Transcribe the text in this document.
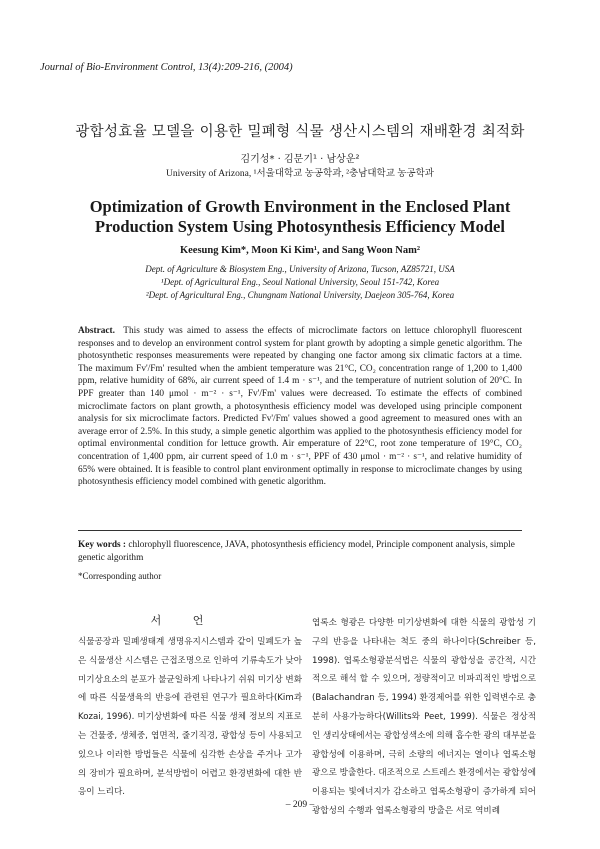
Journal of Bio-Environment Control, 13(4):209-216, (2004)
광합성효율 모델을 이용한 밀폐형 식물 생산시스템의 재배환경 최적화
김기성* · 김문기¹ · 남상운²
University of Arizona, ¹서울대학교 농공학과, ²충남대학교 농공학과
Optimization of Growth Environment in the Enclosed Plant
Production System Using Photosynthesis Efficiency Model
Keesung Kim*, Moon Ki Kim¹, and Sang Woon Nam²
Dept. of Agriculture & Biosystem Eng., University of Arizona, Tucson, AZ85721, USA
¹Dept. of Agricultural Eng., Seoul National University, Seoul 151-742, Korea
²Dept. of Agricultural Eng., Chungnam National University, Daejeon 305-764, Korea
Abstract. This study was aimed to assess the effects of microclimate factors on lettuce chlorophyll fluorescent responses and to develop an environment control system for plant growth by adopting a simple genetic algorithm. The photosynthetic responses measurements were repeated by changing one factor among six climatic factors at a time. The maximum Fv'/Fm' resulted when the ambient temperature was 21°C, CO₂ concentration range of 1,200 to 1,400 ppm, relative humidity of 68%, air current speed of 1.4 m · s⁻¹, and the temperature of nutrient solution of 20°C. In PPF greater than 140 μmol · m⁻² · s⁻¹, Fv'/Fm' values were decreased. To estimate the effects of combined microclimate factors on plant growth, a photosynthesis efficiency model was developed using principle component analysis for six microclimate factors. Predicted Fv'/Fm' values showed a good agreement to measured ones with an average error of 2.5%. In this study, a simple genetic algorthim was applied to the photosynthesis efficiency model for optimal environmental condition for lettuce growth. Air emperature of 22°C, root zone temperature of 19°C, CO₂ concentration of 1,400 ppm, air current speed of 1.0 m · s⁻¹, PPF of 430 μmol · m⁻² · s⁻¹, and relative humidity of 65% were obtained. It is feasible to control plant environment optimally in response to microclimate changes by using photosynthesis efficiency model combined with genetic algorithm.
Key words : chlorophyll fluorescence, JAVA, photosynthesis efficiency model, Principle component analysis, simple genetic algorithm
*Corresponding author
서 언
식물공장과 밀폐생태계 생명유지시스템과 같이 밀폐도가 높은 식물생산 시스템은 근접조명으로 인하여 기류속도가 낮아 미기상요소의 분포가 불균일하게 나타나기 쉬워 미기상 변화에 따른 식물생육의 반응에 관련된 연구가 필요하다(Kim과 Kozai, 1996). 미기상변화에 따른 식물 생체 정보의 지표로는 건물중, 생체중, 엽면적, 줄기직경, 광합성 등이 사용되고 있으나 이러한 방법들은 식물에 심각한 손상을 주거나 고가의 장비가 필요하며, 분석방법이 어렵고 환경변화에 대한 반응이 느리다.
엽록소 형광은 다양한 미기상변화에 대한 식물의 광합성 기구의 반응을 나타내는 척도 중의 하나이다(Schreiber 등, 1998). 엽록소형광분석법은 식물의 광합성을 공간적, 시간적으로 해석 할 수 있으며, 정량적이고 비파괴적인 방법으로(Balachandran 등, 1994) 환경제어를 위한 입력변수로 충분히 사용가능하다(Willits와 Peet, 1999). 식물은 정상적인 생리상태에서는 광합성색소에 의해 흡수한 광의 대부분을 광합성에 이용하며, 극히 소량의 에너지는 열이나 엽록소형광으로 방출한다. 대조적으로 스트레스 환경에서는 광합성에 이용되는 빛에너지가 감소하고 엽록소형광이 증가하게 되어 광합성의 수행과 엽록소형광의 방출은 서로 역비례
– 209 –
